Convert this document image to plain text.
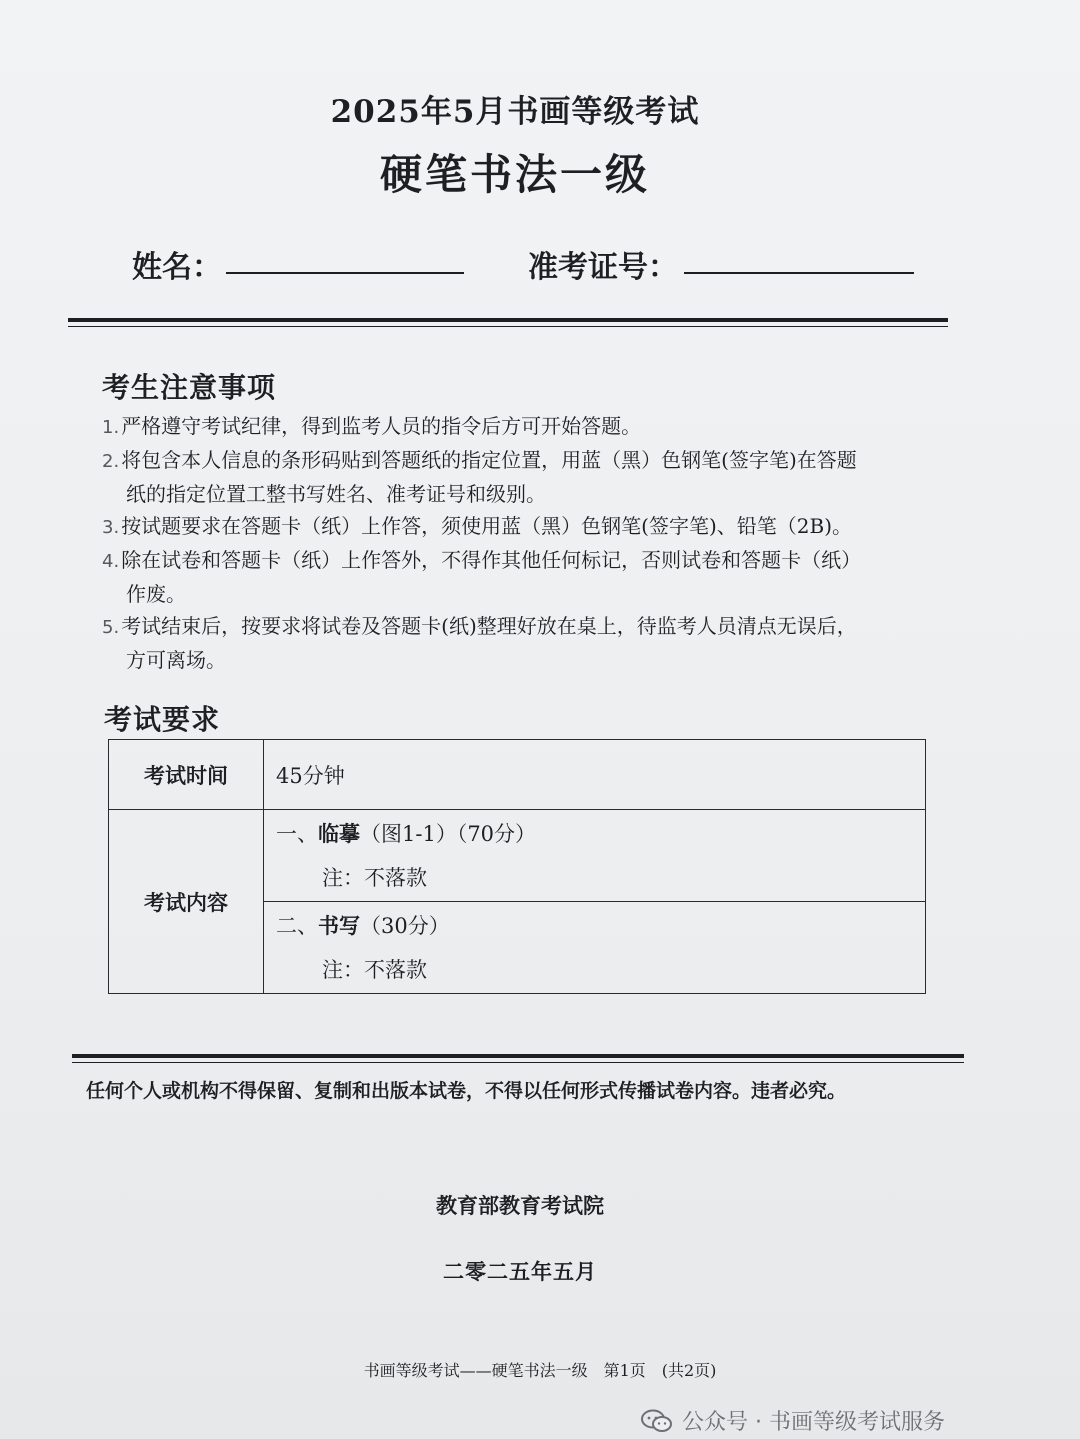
2025年5月书画等级考试
硬笔书法一级
姓名：	准考证号：
考生注意事项
1. 严格遵守考试纪律，得到监考人员的指令后方可开始答题。
2. 将包含本人信息的条形码贴到答题纸的指定位置，用蓝（黑）色钢笔(签字笔)在答题
纸的指定位置工整书写姓名、准考证号和级别。
3. 按试题要求在答题卡（纸）上作答，须使用蓝（黑）色钢笔(签字笔)、铅笔（2B)。
4. 除在试卷和答题卡（纸）上作答外，不得作其他任何标记，否则试卷和答题卡（纸）
作废。
5. 考试结束后，按要求将试卷及答题卡(纸)整理好放在桌上，待监考人员清点无误后，
方可离场。
考试要求
考试时间	45分钟
考试内容	一、临摹（图1-1）（70分）
注：不落款

	二、书写（30分）
注：不落款
任何个人或机构不得保留、复制和出版本试卷，不得以任何形式传播试卷内容。违者必究。
教育部教育考试院
二零二五年五月
书画等级考试——硬笔书法一级　第1页　(共2页)
公众号 · 书画等级考试服务
